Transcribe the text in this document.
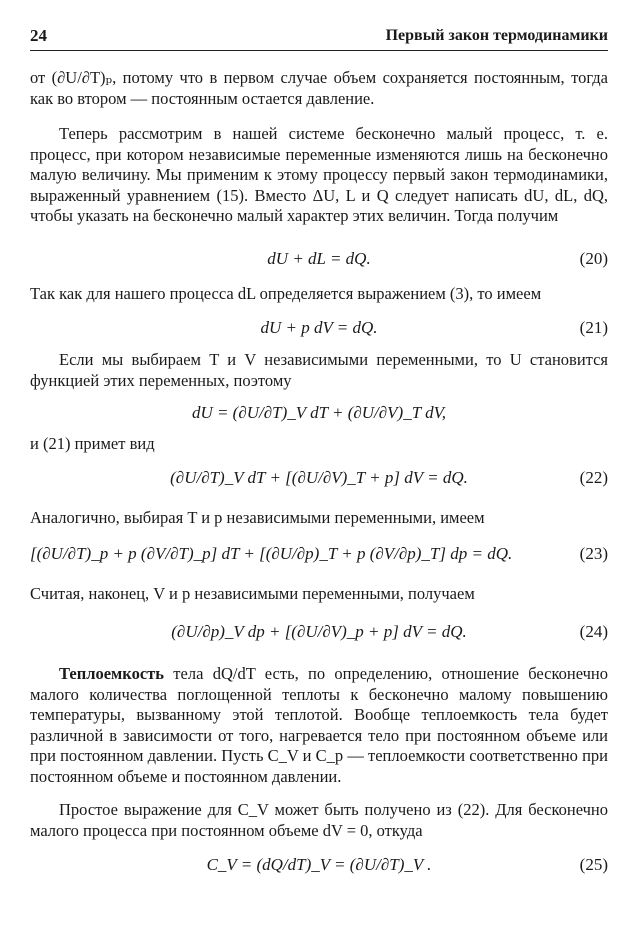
24	Первый закон термодинамики

от (∂U/∂T)ₚ, потому что в первом случае объем сохраняется постоянным, тогда как во втором — постоянным остается давление.

Теперь рассмотрим в нашей системе бесконечно малый процесс, т. е. процесс, при котором независимые переменные изменяются лишь на бесконечно малую величину. Мы применим к этому процессу первый закон термодинамики, выраженный уравнением (15). Вместо ΔU, L и Q следует написать dU, dL, dQ, чтобы указать на бесконечно малый характер этих величин. Тогда получим

dU + dL = dQ.	(20)

Так как для нашего процесса dL определяется выражением (3), то имеем

dU + p dV = dQ.	(21)

Если мы выбираем T и V независимыми переменными, то U становится функцией этих переменных, поэтому

dU = (∂U/∂T)_V dT + (∂U/∂V)_T dV,

и (21) примет вид

(∂U/∂T)_V dT + [(∂U/∂V)_T + p] dV = dQ.	(22)

Аналогично, выбирая T и p независимыми переменными, имеем

[(∂U/∂T)_p + p (∂V/∂T)_p] dT + [(∂U/∂p)_T + p (∂V/∂p)_T] dp = dQ.	(23)

Считая, наконец, V и p независимыми переменными, получаем

(∂U/∂p)_V dp + [(∂U/∂V)_p + p] dV = dQ.	(24)

Теплоемкость тела dQ/dT есть, по определению, отношение бесконечно малого количества поглощенной теплоты к бесконечно малому повышению температуры, вызванному этой теплотой. Вообще теплоемкость тела будет различной в зависимости от того, нагревается тело при постоянном объеме или при постоянном давлении. Пусть C_V и C_p — теплоемкости соответственно при постоянном объеме и постоянном давлении.

Простое выражение для C_V может быть получено из (22). Для бесконечно малого процесса при постоянном объеме dV = 0, откуда

C_V = (dQ/dT)_V = (∂U/∂T)_V .	(25)
